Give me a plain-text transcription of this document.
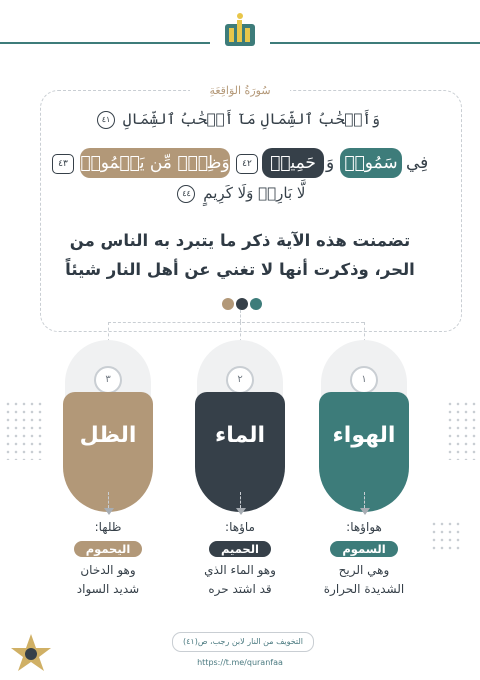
سُورَةُ الوَاقِعَةِ
وَأَصۡحَٰبُ ٱلشِّمَالِ مَآ أَصۡحَٰبُ ٱلشِّمَالِ ٤١
فِي
سَمُومٖ
وَ
حَمِيمٖ
٤٢
وَظِلّٖ مِّن يَحۡمُومٖ
٤٣
لَّا بَارِدٖ وَلَا كَرِيمٍ ٤٤
تضمنت هذه الآية ذكر ما يتبرد به الناس من الحر، وذكرت أنها لا تغني عن أهل النار شيئاً
٣	٢	١
الظل	الماء	الهواء
ظلها:
اليحموم
وهو الدخان
شديد السواد
ماؤها:
الحميم
وهو الماء الذي
قد اشتد حره
هواؤها:
السموم
وهي الريح
الشديدة الحرارة
التخويف من النار لابن رجب، ص(٤١)
https://t.me/quranfaa
